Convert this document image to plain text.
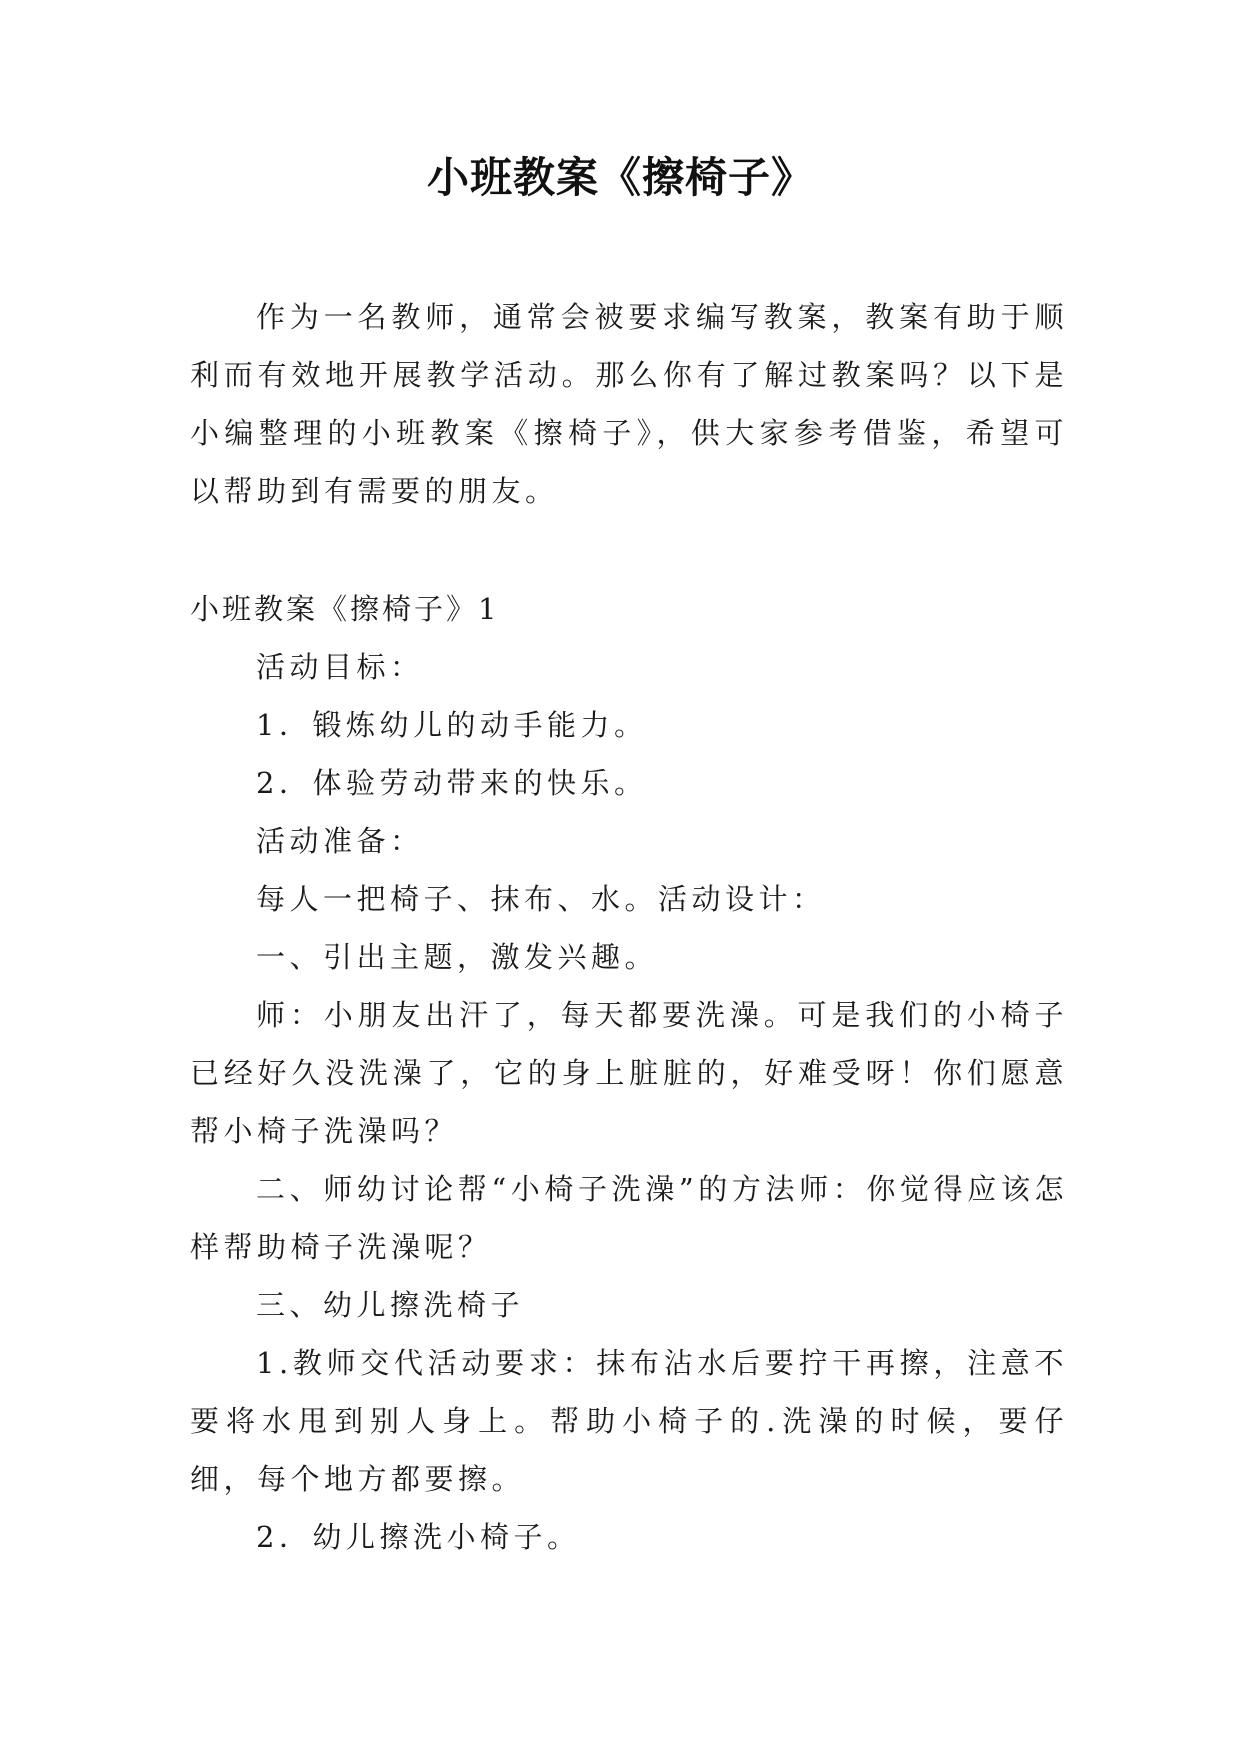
小班教案《擦椅子》

作为一名教师，通常会被要求编写教案，教案有助于顺利而有效地开展教学活动。那么你有了解过教案吗？以下是小编整理的小班教案《擦椅子》，供大家参考借鉴，希望可以帮助到有需要的朋友。

小班教案《擦椅子》1

活动目标：

1．锻炼幼儿的动手能力。

2．体验劳动带来的快乐。

活动准备：

每人一把椅子、抹布、水。活动设计：

一、引出主题，激发兴趣。

师：小朋友出汗了，每天都要洗澡。可是我们的小椅子已经好久没洗澡了，它的身上脏脏的，好难受呀！你们愿意帮小椅子洗澡吗？

二、师幼讨论帮“小椅子洗澡”的方法师：你觉得应该怎样帮助椅子洗澡呢？

三、幼儿擦洗椅子

1.教师交代活动要求：抹布沾水后要拧干再擦，注意不要将水甩到别人身上。帮助小椅子的.洗澡的时候，要仔细，每个地方都要擦。

2．幼儿擦洗小椅子。
